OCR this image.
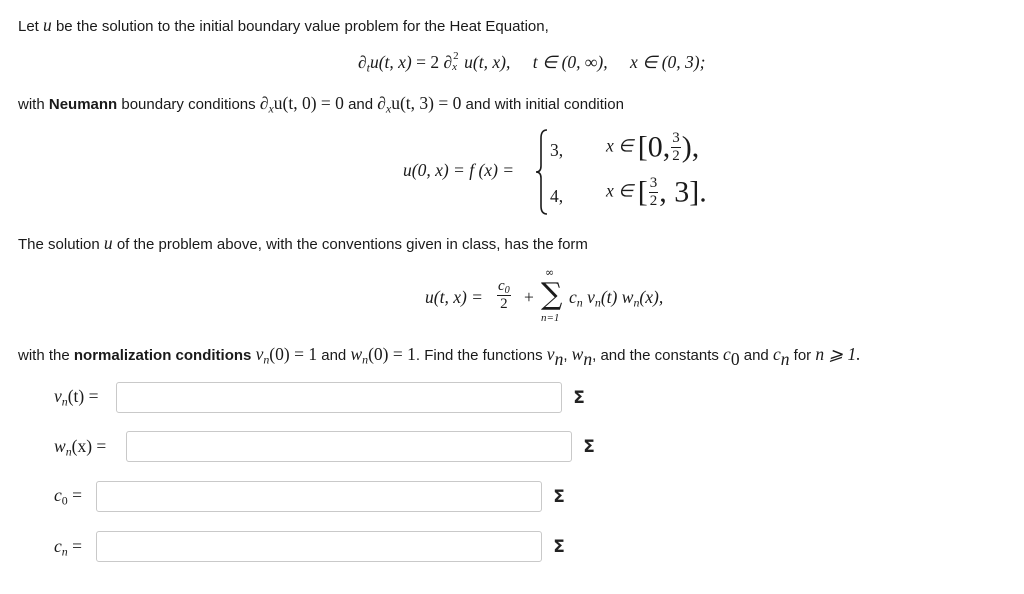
Let u be the solution to the initial boundary value problem for the Heat Equation,
$\partial_tu(t$, x) = 2 ∂ 2
x u(t, x), t ∈ (0, ∞), x ∈ (0, 3);
with Neumann boundary conditions $\partial_xu(t$, 0) = 0 and $\partial_xu(t$, 3) = 0 and with initial condition
u(0, x) = f (x) =
3, x ∈ [0, $\frac{3}{2}$ ),
4, x ∈ [ $\frac{3}{2}$ , 3].
The solution u of the problem above, with the conventions given in class, has the form
u(t, $x) = \frac{c_0}{2}$ +
∞
∑
n=1
$c_n$ $v_n(t)$ $w_n(x)$,
with the normalization conditions $v_n(0) = 1$ and $w_n(0) = 1$. Find the functions $v_n$, $w_n$, and the constants $c_0$ and $c_n$ for n ⩾ 1.
$v_n(t)$ =	Σ
$w_n(x)$ =	Σ
$c_0$ =	Σ
$c_n$ =	Σ
